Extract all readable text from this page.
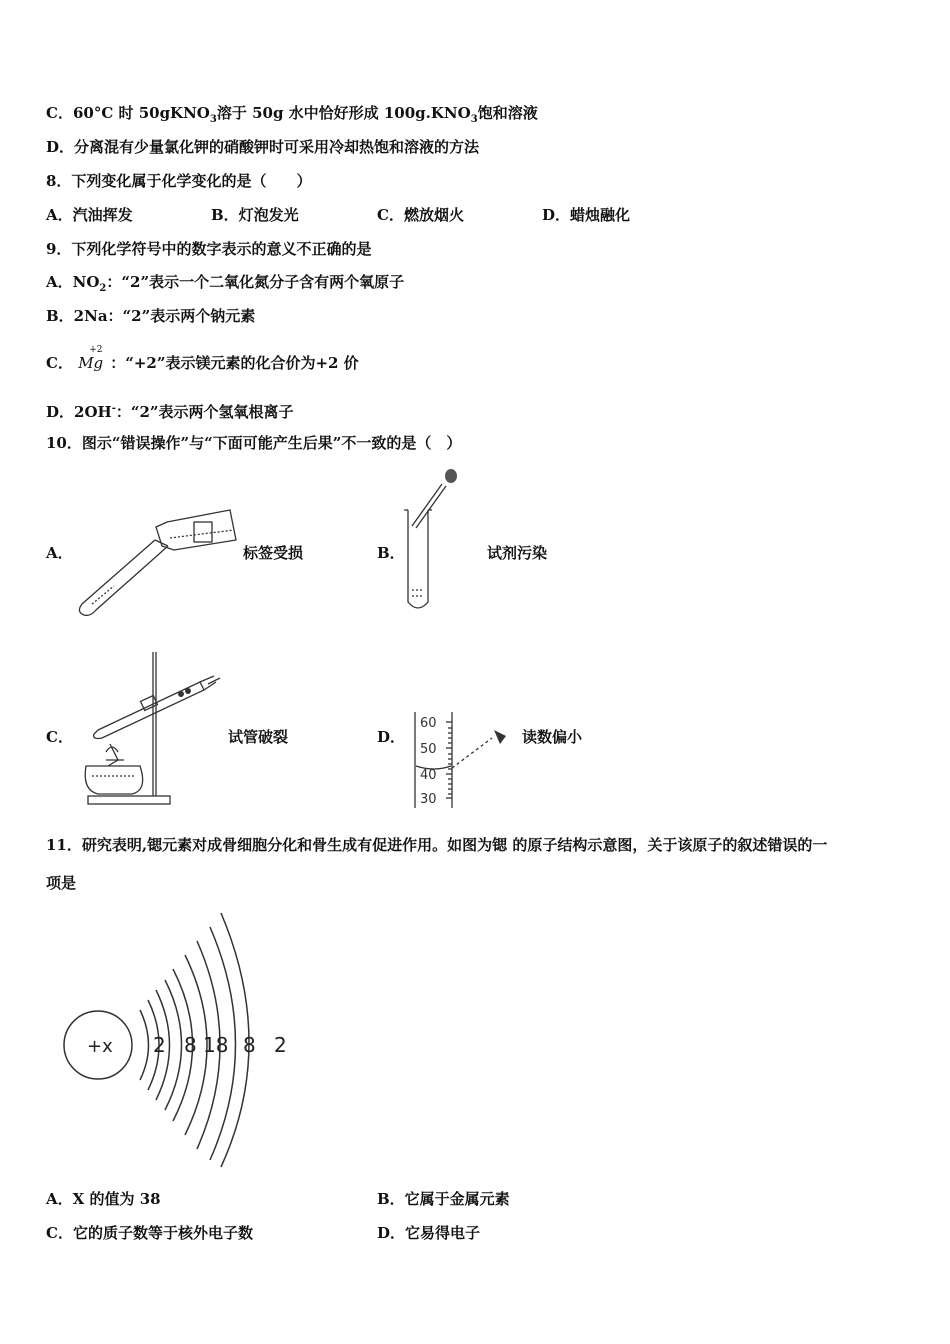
C．60°C 时 50gKNO$_3$溶于 50g 水中恰好形成 $100g.KNO_3$饱和溶液
D．分离混有少量氯化钾的硝酸钾时可采用冷却热饱和溶液的方法
8．下列变化属于化学变化的是（　　）
A．汽油挥发	B．灯泡发光	C．燃放烟火	D．蜡烛融化
9．下列化学符号中的数字表示的意义不正确的是
A．$NO_2$：“2”表示一个二氧化氮分子含有两个氧原子
B．2Na：“2”表示两个钠元素
C．
+2
Mg ：“+2”表示镁元素的化合价为+2 价
D．2OH-：“2”表示两个氢氧根离子
10．图示“错误操作”与“下面可能产生后果”不一致的是（　）
A．	标签受损	B．	试剂污染
C．	试管破裂	D．
60
50
40
30
读数偏小
11．研究表明,锶元素对成骨细胞分化和骨生成有促进作用。如图为锶 的原子结构示意图，关于该原子的叙述错误的一
项是
+x 2 8 18 8 2
A．X 的值为 38	B．它属于金属元素
C．它的质子数等于核外电子数	D．它易得电子
